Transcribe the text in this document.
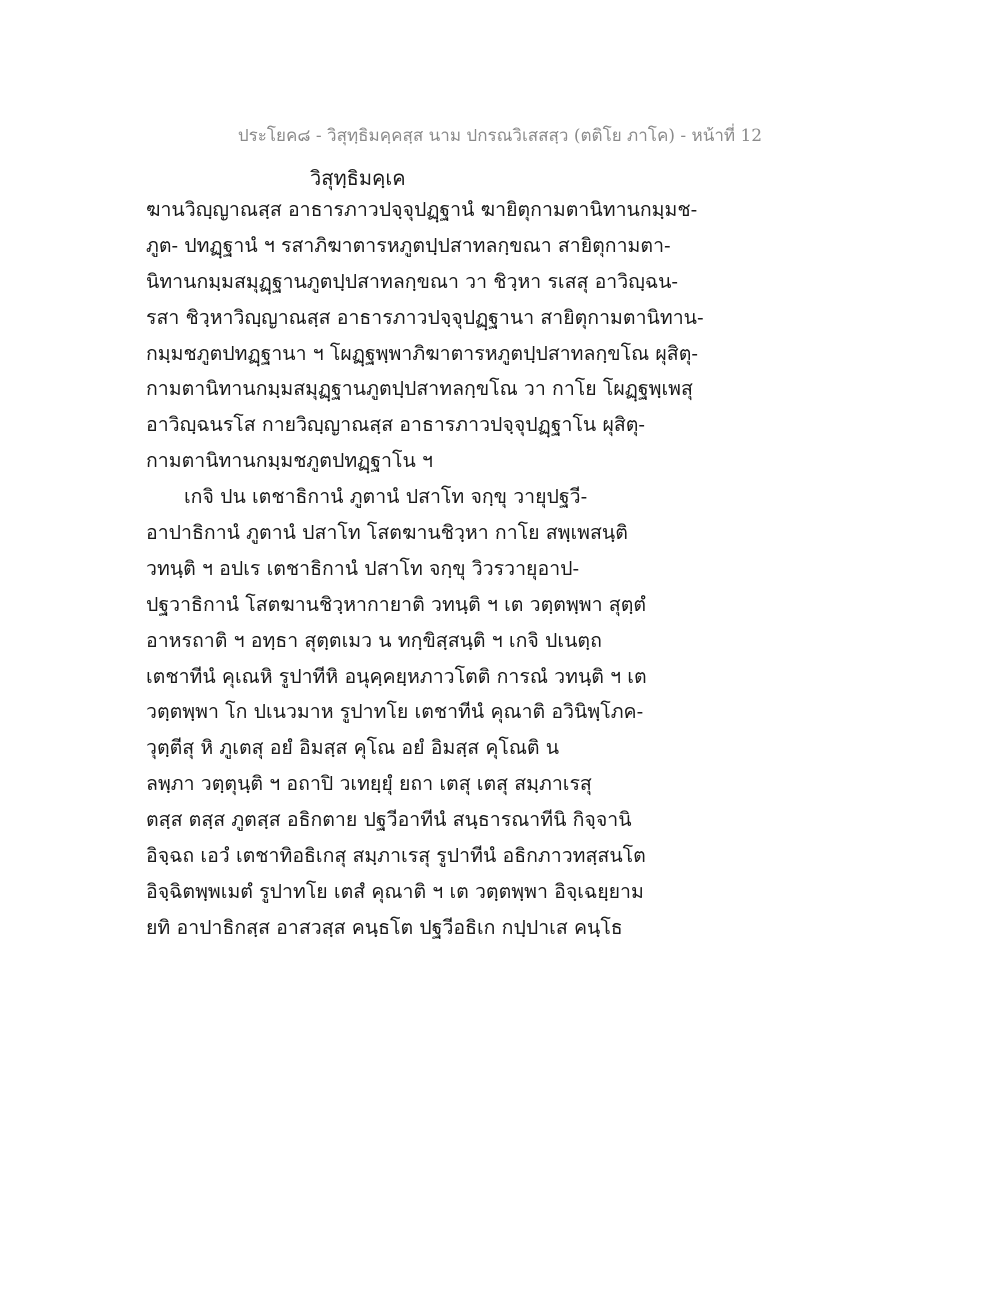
ประโยค๘ - วิสุทฺธิมคฺคสฺส นาม ปกรณวิเสสสฺว (ตติโย ภาโค) - หน้าที่ 12
วิสุทฺธิมคฺเค
ฆานวิญฺญาณสฺส อาธารภาวปจฺจุปฏฺฐานํ ฆายิตุกามตานิทานกมฺมช-
ภูต- ปทฏฺฐานํ ฯ รสาภิฆาตารหภูตปฺปสาทลกฺขณา สายิตุกามตา-
นิทานกมฺมสมุฏฺฐานภูตปฺปสาทลกฺขณา วา ชิวฺหา รเสสุ อาวิญฺฉน-
รสา ชิวฺหาวิญฺญาณสฺส อาธารภาวปจฺจุปฏฺฐานา สายิตุกามตานิทาน-
กมฺมชภูตปทฏฺฐานา ฯ โผฏฺฐพฺพาภิฆาตารหภูตปฺปสาทลกฺขโณ ผุสิตุ-
กามตานิทานกมฺมสมุฏฺฐานภูตปฺปสาทลกฺขโณ วา กาโย โผฏฺฐพฺเพสุ
อาวิญฺฉนรโส กายวิญฺญาณสฺส อาธารภาวปจฺจุปฏฺฐาโน ผุสิตุ-
กามตานิทานกมฺมชภูตปทฏฺฐาโน ฯ
เกจิ ปน เตชาธิกานํ ภูตานํ ปสาโท จกฺขุ วายุปฐวี-
อาปาธิกานํ ภูตานํ ปสาโท โสตฆานชิวฺหา กาโย สพฺเพสนฺติ
วทนฺติ ฯ อปเร เตชาธิกานํ ปสาโท จกฺขุ วิวรวายุอาป-
ปฐวาธิกานํ โสตฆานชิวฺหากายาติ วทนฺติ ฯ เต วตฺตพฺพา สุตฺตํ
อาหรถาติ ฯ อทฺธา สุตฺตเมว น ทกฺขิสฺสนฺติ ฯ เกจิ ปเนตฺถ
เตชาทีนํ คุเณหิ รูปาทีหิ อนุคฺคยฺหภาวโตติ การณํ วทนฺติ ฯ เต
วตฺตพฺพา โก ปเนวมาห รูปาทโย เตชาทีนํ คุณาติ อวินิพฺโภค-
วุตฺตีสุ หิ ภูเตสุ อยํ อิมสฺส คุโณ อยํ อิมสฺส คุโณติ น
ลพฺภา วตฺตุนฺติ ฯ อถาปิ วเทยฺยุํ ยถา เตสุ เตสุ สมฺภาเรสุ
ตสฺส ตสฺส ภูตสฺส อธิกตาย ปฐวีอาทีนํ สนฺธารณาทีนิ กิจฺจานิ
อิจฺฉถ เอวํ เตชาทิอธิเกสุ สมฺภาเรสุ รูปาทีนํ อธิกภาวทสฺสนโต
อิจฺฉิตพฺพเมตํ รูปาทโย เตสํ คุณาติ ฯ เต วตฺตพฺพา อิจฺเฉยฺยาม
ยทิ อาปาธิกสฺส อาสวสฺส คนฺธโต ปฐวีอธิเก กปฺปาเส คนฺโธ
